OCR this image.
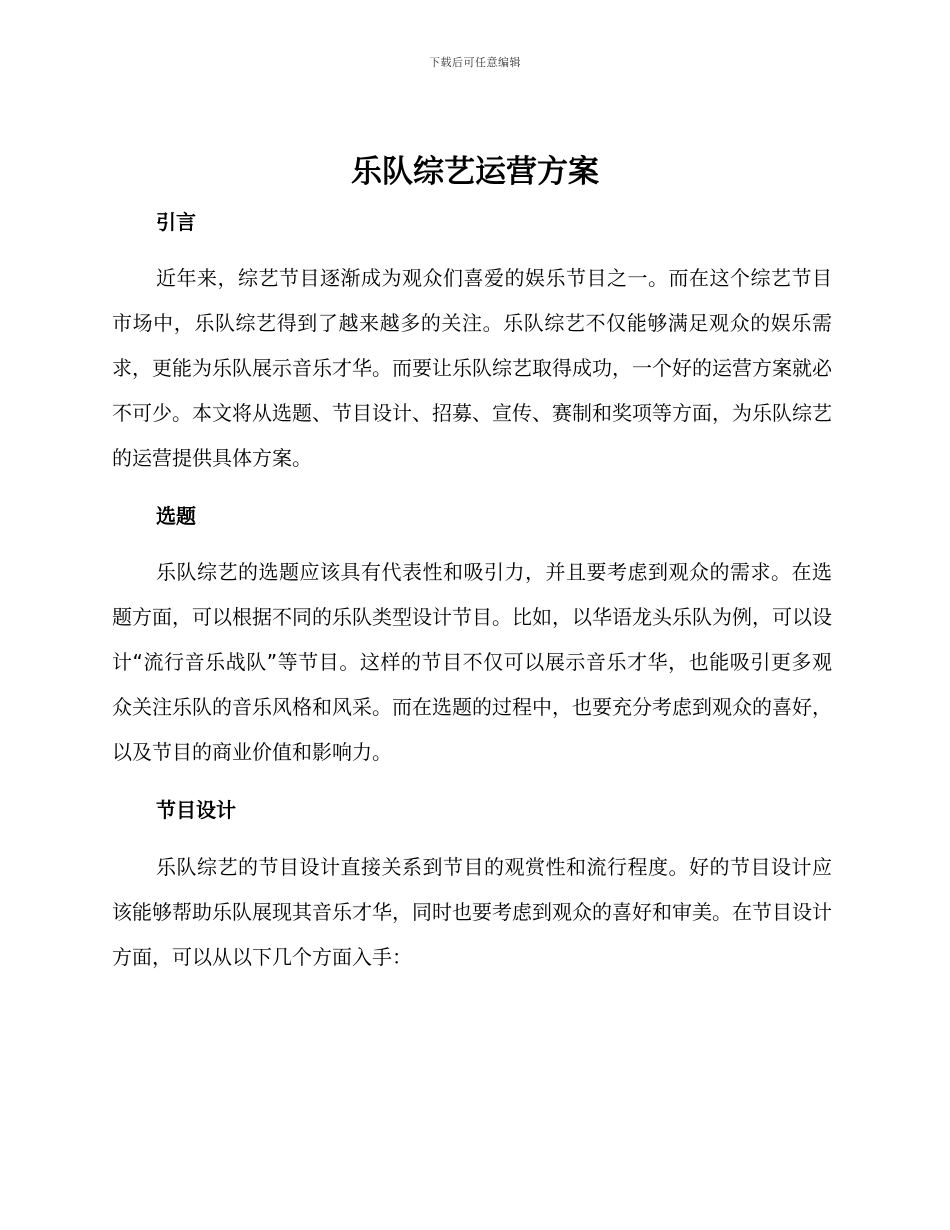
下载后可任意编辑
乐队综艺运营方案
引言

近年来，综艺节目逐渐成为观众们喜爱的娱乐节目之一。而在这个综艺节目市场中，乐队综艺得到了越来越多的关注。乐队综艺不仅能够满足观众的娱乐需求，更能为乐队展示音乐才华。而要让乐队综艺取得成功，一个好的运营方案就必不可少。本文将从选题、节目设计、招募、宣传、赛制和奖项等方面，为乐队综艺的运营提供具体方案。

选题

乐队综艺的选题应该具有代表性和吸引力，并且要考虑到观众的需求。在选题方面，可以根据不同的乐队类型设计节目。比如，以华语龙头乐队为例，可以设计“流行音乐战队”等节目。这样的节目不仅可以展示音乐才华，也能吸引更多观众关注乐队的音乐风格和风采。而在选题的过程中，也要充分考虑到观众的喜好，以及节目的商业价值和影响力。

节目设计

乐队综艺的节目设计直接关系到节目的观赏性和流行程度。好的节目设计应该能够帮助乐队展现其音乐才华，同时也要考虑到观众的喜好和审美。在节目设计方面，可以从以下几个方面入手：
